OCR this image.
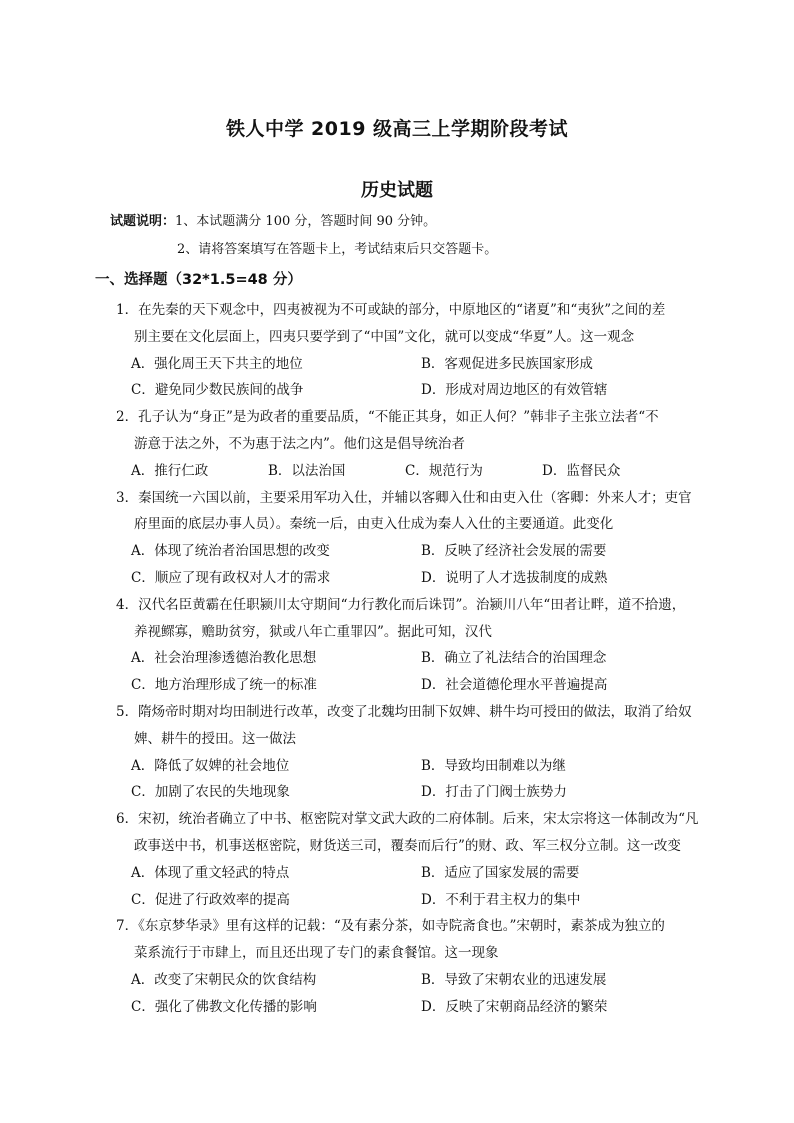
铁人中学 2019 级高三上学期阶段考试
历史试题
试题说明：1、本试题满分 100 分，答题时间 90 分钟。
2、请将答案填写在答题卡上，考试结束后只交答题卡。
一、选择题（32*1.5=48 分）
1．在先秦的天下观念中，四夷被视为不可或缺的部分，中原地区的“诸夏”和“夷狄”之间的差
别主要在文化层面上，四夷只要学到了“中国”文化，就可以变成“华夏”人。这一观念
A．强化周王天下共主的地位	B．客观促进多民族国家形成
C．避免同少数民族间的战争	D．形成对周边地区的有效管辖
2．孔子认为“身正”是为政者的重要品质，“不能正其身，如正人何？”韩非子主张立法者“不
游意于法之外，不为惠于法之内”。他们这是倡导统治者
A．推行仁政	B．以法治国	C．规范行为	D．监督民众
3．秦国统一六国以前，主要采用军功入仕，并辅以客卿入仕和由吏入仕（客卿：外来人才；吏官
府里面的底层办事人员）。秦统一后，由吏入仕成为秦人入仕的主要通道。此变化
A．体现了统治者治国思想的改变	B．反映了经济社会发展的需要
C．顺应了现有政权对人才的需求	D．说明了人才选拔制度的成熟
4．汉代名臣黄霸在任职颍川太守期间“力行教化而后诛罚”。治颍川八年“田者让畔，道不拾遗，
养视鳏寡，赡助贫穷，狱或八年亡重罪囚”。据此可知，汉代
A．社会治理渗透德治教化思想	B．确立了礼法结合的治国理念
C．地方治理形成了统一的标准	D．社会道德伦理水平普遍提高
5．隋炀帝时期对均田制进行改革，改变了北魏均田制下奴婢、耕牛均可授田的做法，取消了给奴
婢、耕牛的授田。这一做法
A．降低了奴婢的社会地位	B．导致均田制难以为继
C．加剧了农民的失地现象	D．打击了门阀士族势力
6．宋初，统治者确立了中书、枢密院对掌文武大政的二府体制。后来，宋太宗将这一体制改为“凡
政事送中书，机事送枢密院，财货送三司，覆奏而后行”的财、政、军三权分立制。这一改变
A．体现了重文轻武的特点	B．适应了国家发展的需要
C．促进了行政效率的提高	D．不利于君主权力的集中
7．《东京梦华录》里有这样的记载：“及有素分茶，如寺院斋食也。”宋朝时，素茶成为独立的
菜系流行于市肆上，而且还出现了专门的素食餐馆。这一现象
A．改变了宋朝民众的饮食结构	B．导致了宋朝农业的迅速发展
C．强化了佛教文化传播的影响	D．反映了宋朝商品经济的繁荣
